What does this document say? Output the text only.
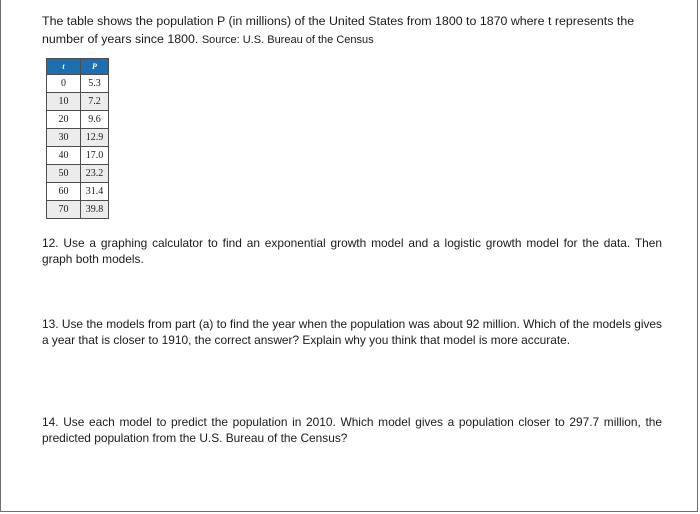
The table shows the population P (in millions) of the United States from 1800 to 1870 where t represents the number of years since 1800. Source: U.S. Bureau of the Census
t	P
0	5.3
10	7.2
20	9.6
30	12.9
40	17.0
50	23.2
60	31.4
70	39.8
12. Use a graphing calculator to find an exponential growth model and a logistic growth model for the data. Then graph both models.
13. Use the models from part (a) to find the year when the population was about 92 million. Which of the models gives a year that is closer to 1910, the correct answer? Explain why you think that model is more accurate.
14. Use each model to predict the population in 2010. Which model gives a population closer to 297.7 million, the predicted population from the U.S. Bureau of the Census?
